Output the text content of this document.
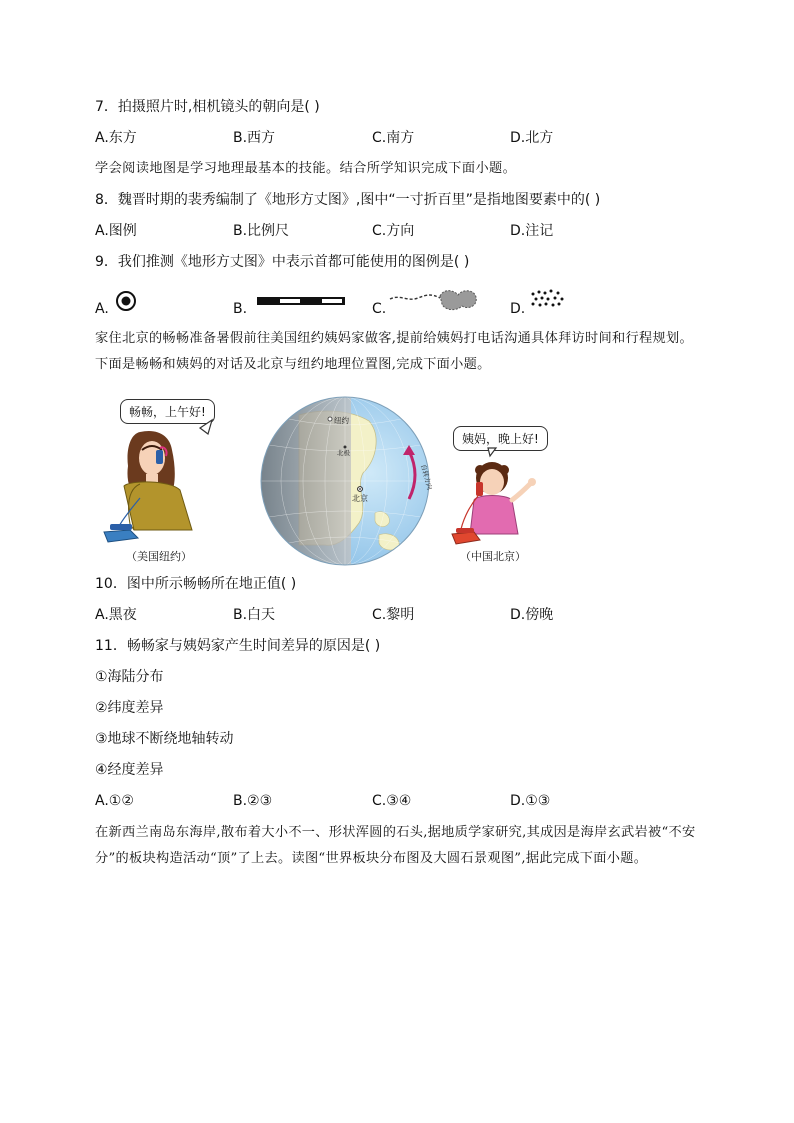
7．拍摄照片时,相机镜头的朝向是( )
A.东方	B.西方	C.南方	D.北方
学会阅读地图是学习地理最基本的技能。结合所学知识完成下面小题。
8．魏晋时期的裴秀编制了《地形方丈图》,图中“一寸折百里”是指地图要素中的( )
A.图例	B.比例尺	C.方向	D.注记
9．我们推测《地形方丈图》中表示首都可能使用的图例是( )
A.	B.	C.	D.
家住北京的畅畅准备暑假前往美国纽约姨妈家做客,提前给姨妈打电话沟通具体拜访时间和行程规划。下面是畅畅和姨妈的对话及北京与纽约地理位置图,完成下面小题。
畅畅，上午好!
（美国纽约）
纽约
北极
北京
自转方向
姨妈，晚上好!
（中国北京）
10．图中所示畅畅所在地正值( )
A.黑夜	B.白天	C.黎明	D.傍晚
11．畅畅家与姨妈家产生时间差异的原因是( )
①海陆分布
②纬度差异
③地球不断绕地轴转动
④经度差异
A.①②	B.②③	C.③④	D.①③
在新西兰南岛东海岸,散布着大小不一、形状浑圆的石头,据地质学家研究,其成因是海岸玄武岩被“不安分”的板块构造活动“顶”了上去。读图“世界板块分布图及大圆石景观图”,据此完成下面小题。
